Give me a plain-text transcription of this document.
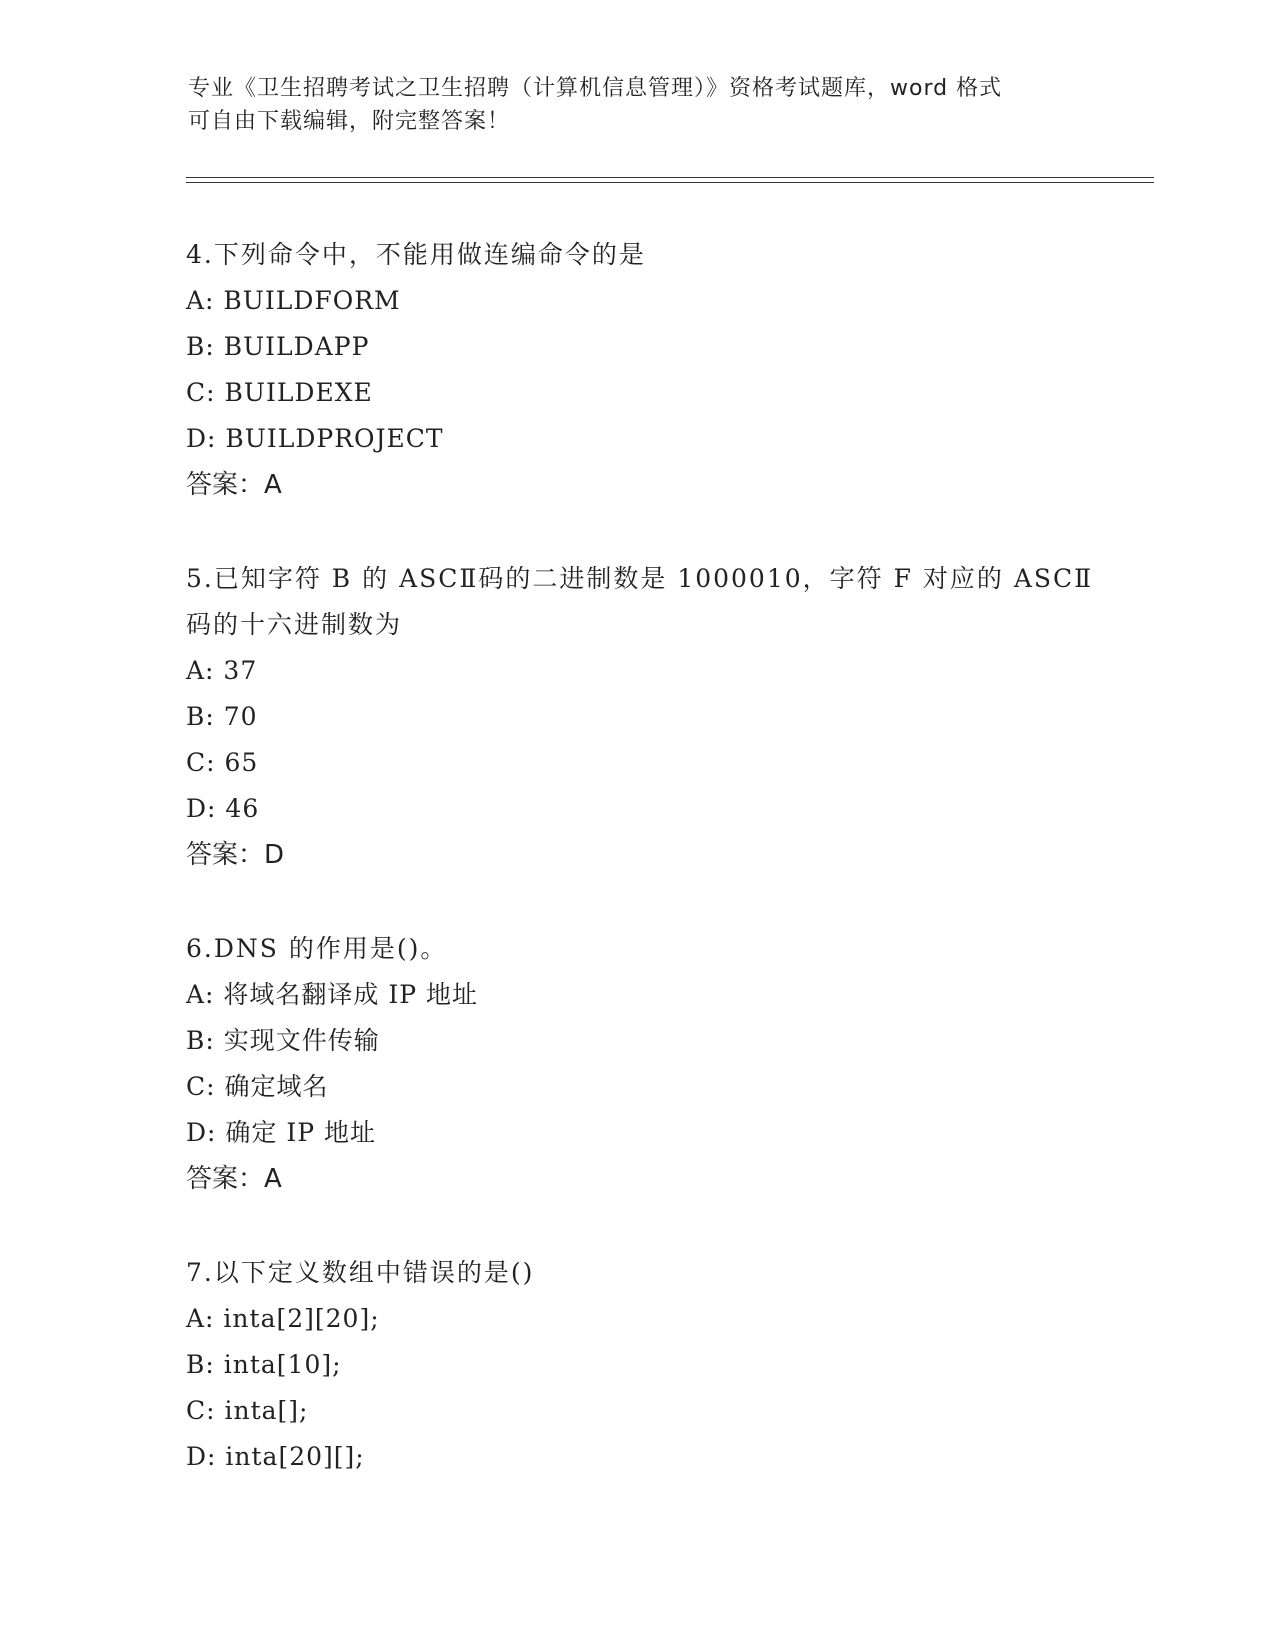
专业《卫生招聘考试之卫生招聘（计算机信息管理）》资格考试题库，word 格式
可自由下载编辑，附完整答案！
4.下列命令中，不能用做连编命令的是
A: BUILDFORM
B: BUILDAPP
C: BUILDEXE
D: BUILDPROJECT
答案：A
5.已知字符 B 的 ASCⅡ码的二进制数是 1000010，字符 F 对应的 ASCⅡ
码的十六进制数为
A: 37
B: 70
C: 65
D: 46
答案：D
6.DNS 的作用是()。
A: 将域名翻译成 IP 地址
B: 实现文件传输
C: 确定域名
D: 确定 IP 地址
答案：A
7.以下定义数组中错误的是()
A: inta[2][20];
B: inta[10];
C: inta[];
D: inta[20][];
